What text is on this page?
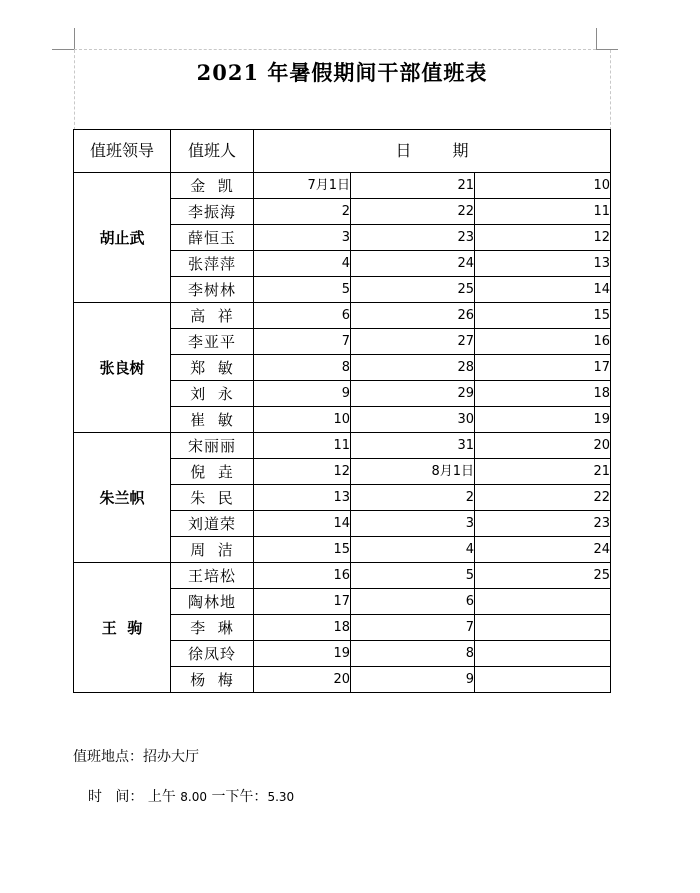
2021 年暑假期间干部值班表
值班领导	值班人	日 期		
胡止武	金  凯	7月1日	21	10
	李振海	2	22	11
	薛恒玉	3	23	12
	张萍萍	4	24	13
	李树林	5	25	14
张良树	高  祥	6	26	15
	李亚平	7	27	16
	郑  敏	8	28	17
	刘  永	9	29	18
	崔  敏	10	30	19
朱兰帜	宋丽丽	11	31	20
	倪  垚	12	8月1日	21
	朱  民	13	2	22
	刘道荣	14	3	23
	周  洁	15	4	24
王  驹	王培松	16	5	25
	陶林地	17	6	
	李  琳	18	7	
	徐凤玲	19	8	
	杨  梅	20	9	
值班地点：招办大厅
时   间： 上午 8.00 一下午：5.30
